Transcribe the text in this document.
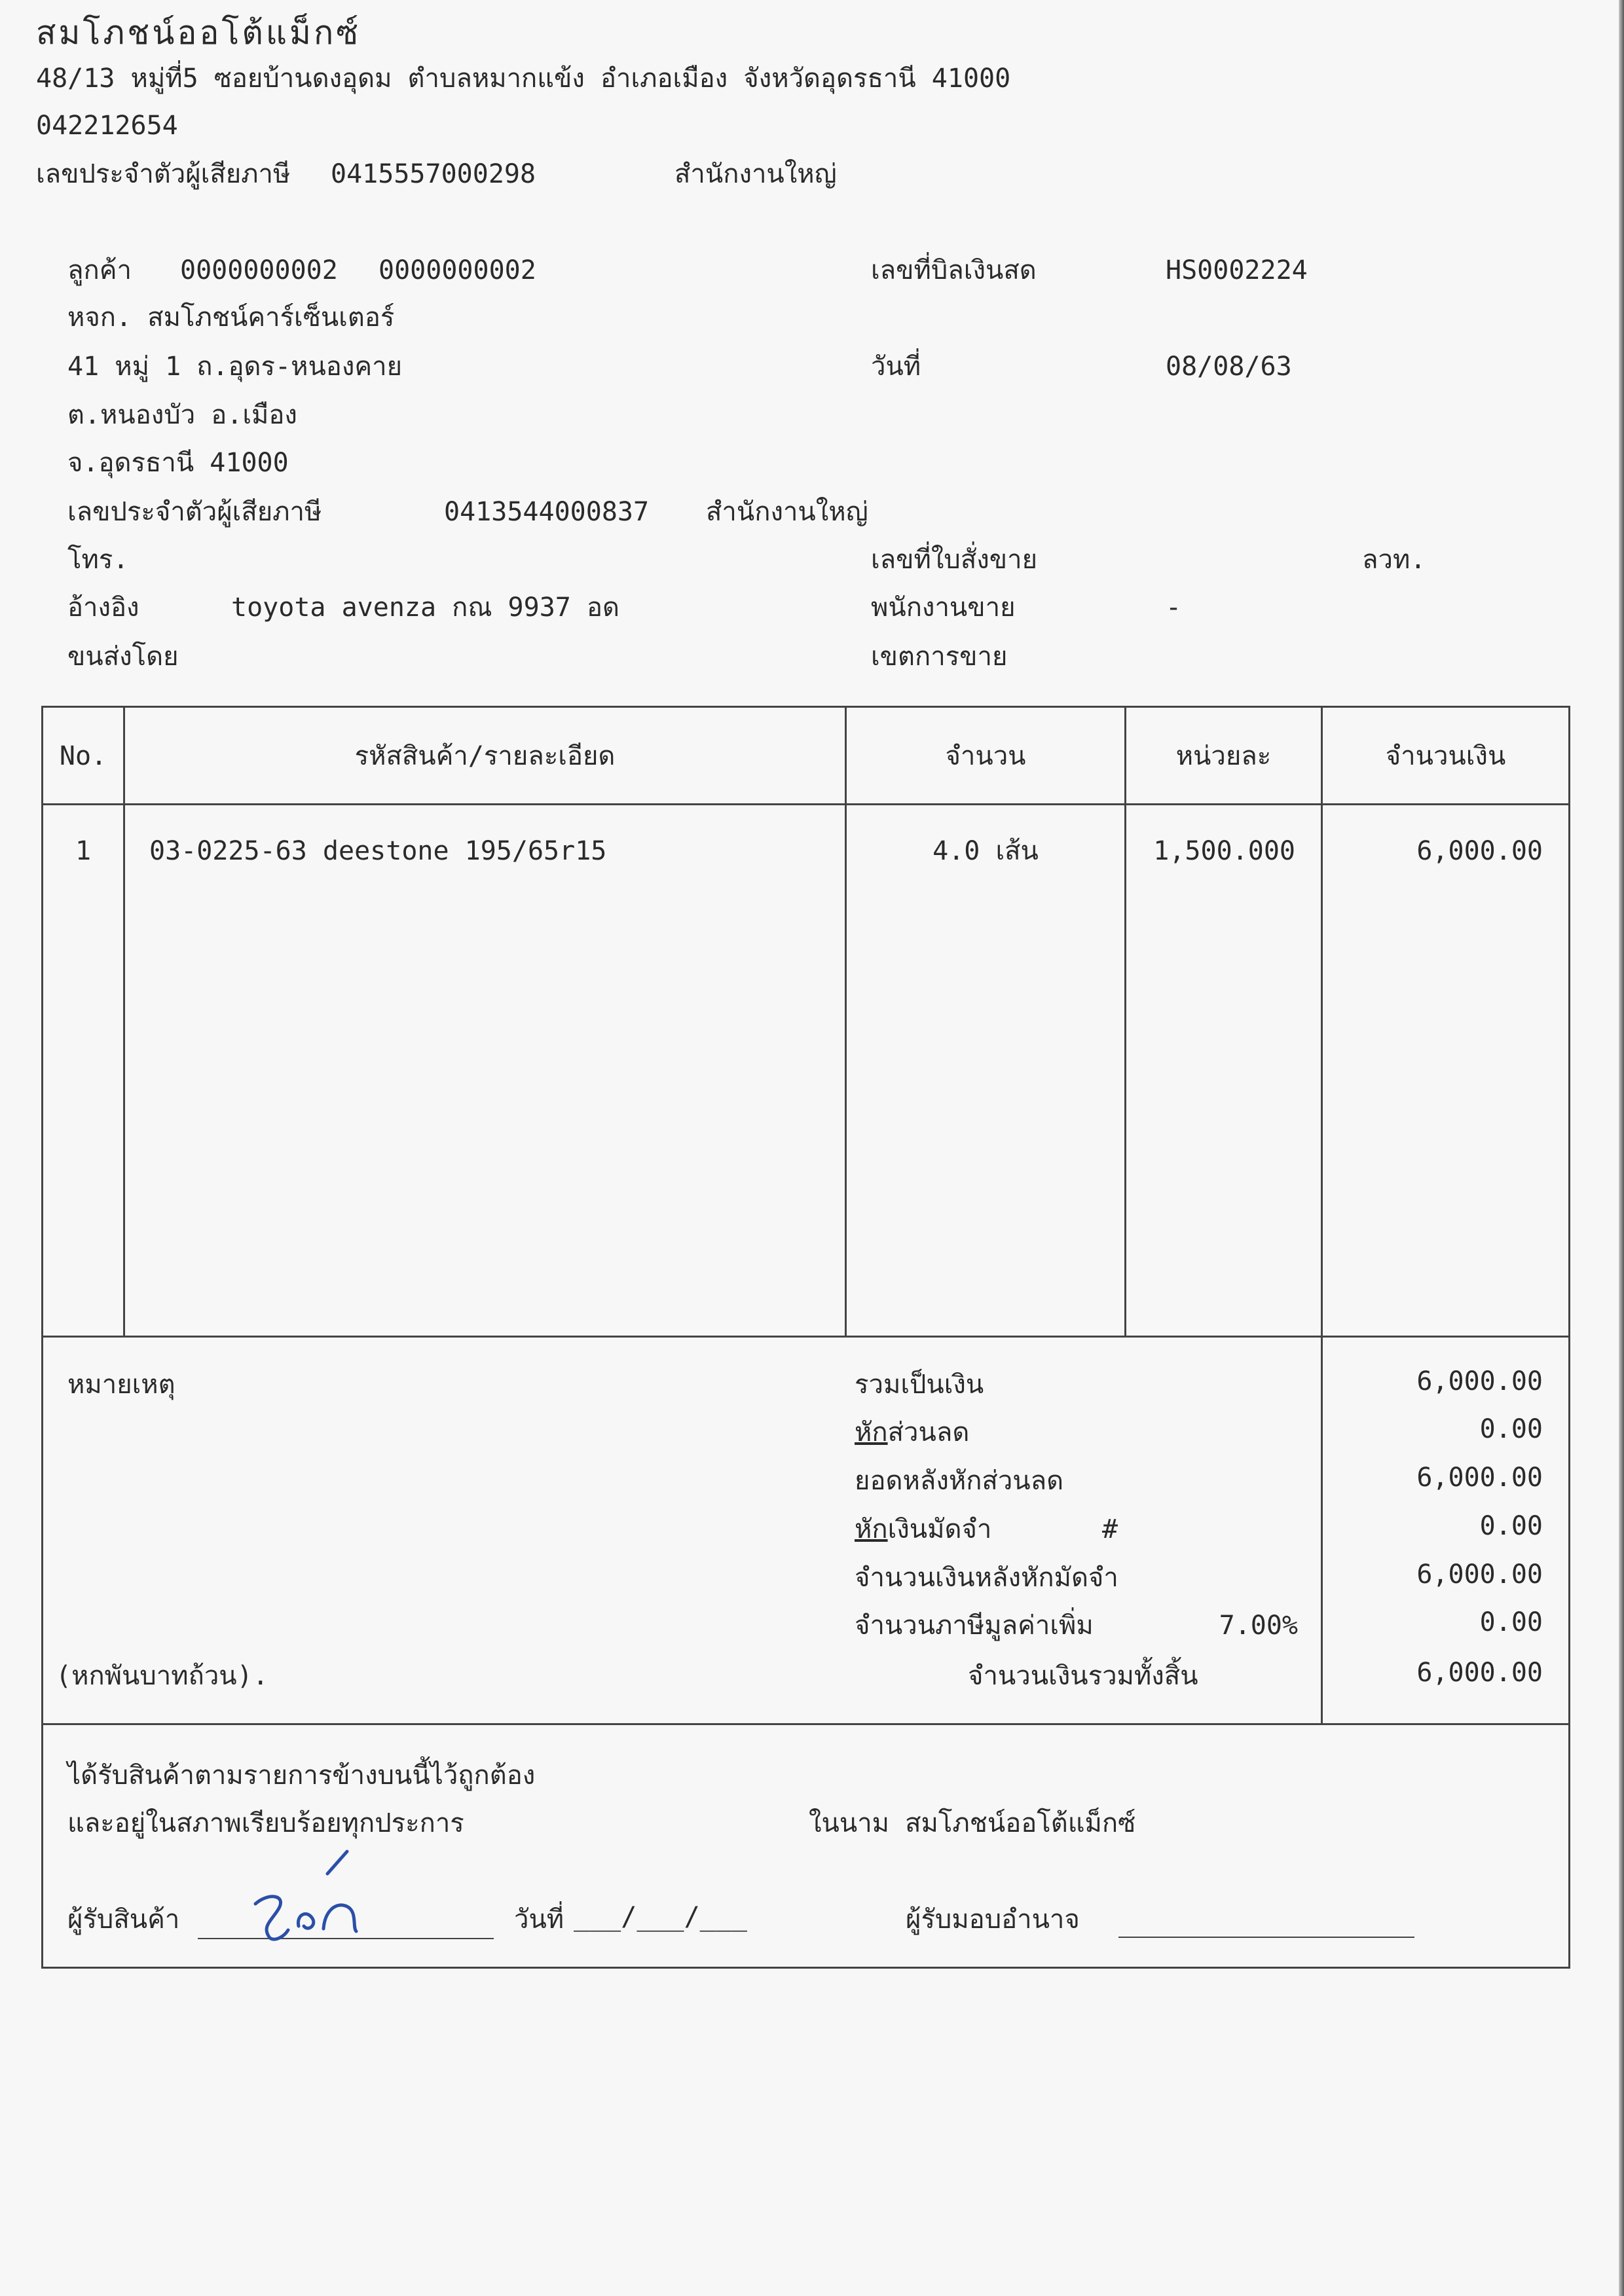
สมโภชน์ออโต้แม็กซ์
48/13 หมู่ที่5 ซอยบ้านดงอุดม ตำบลหมากแข้ง อำเภอเมือง จังหวัดอุดรธานี 41000
042212654
เลขประจำตัวผู้เสียภาษี 0415557000298	สำนักงานใหญ่
ลูกค้า 0000000002 0000000002
หจก. สมโภชน์คาร์เซ็นเตอร์
41 หมู่ 1 ถ.อุดร-หนองคาย
ต.หนองบัว อ.เมือง
จ.อุดรธานี 41000
เลขประจำตัวผู้เสียภาษี	0413544000837 สำนักงานใหญ่
โทร.
อ้างอิง	toyota avenza กณ 9937 อด
ขนส่งโดย
เลขที่บิลเงินสด	HS0002224
วันที่	08/08/63
เลขที่ใบสั่งขาย	ลวท.
พนักงานขาย	-
เขตการขาย
No.	รหัสสินค้า/รายละเอียด	จำนวน	หน่วยละ	จำนวนเงิน
1	03-0225-63 deestone 195/65r15	4.0 เส้น	1,500.000	6,000.00
หมายเหตุ	รวมเป็นเงิน	6,000.00
หักส่วนลด	0.00
ยอดหลังหักส่วนลด	6,000.00
หักเงินมัดจำ	#	0.00
จำนวนเงินหลังหักมัดจำ	6,000.00
จำนวนภาษีมูลค่าเพิ่ม	7.00%	0.00
(หกพันบาทถ้วน).	จำนวนเงินรวมทั้งสิ้น	6,000.00
ได้รับสินค้าตามรายการข้างบนนี้ไว้ถูกต้อง
และอยู่ในสภาพเรียบร้อยทุกประการ	ในนาม สมโภชน์ออโต้แม็กซ์
ผู้รับสินค้า	วันที่ ___/___/___	ผู้รับมอบอำนาจ
